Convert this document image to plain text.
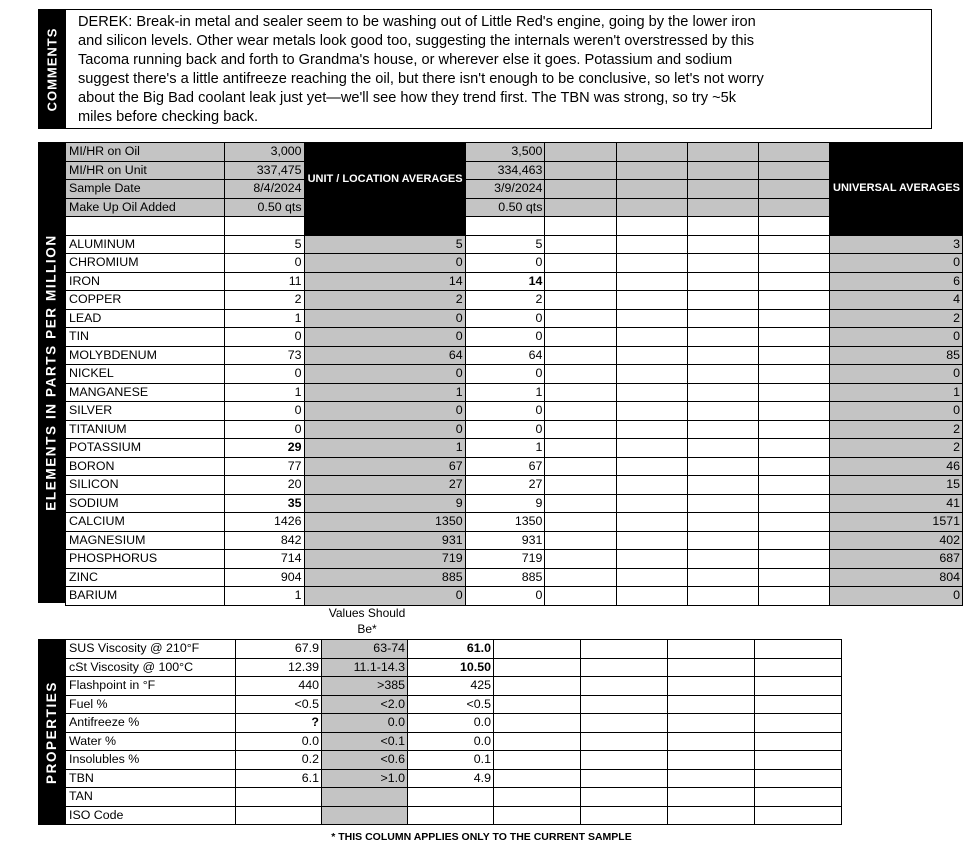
COMMENTS
DEREK: Break-in metal and sealer seem to be washing out of Little Red's engine, going by the lower iron
and silicon levels. Other wear metals look good too, suggesting the internals weren't overstressed by this
Tacoma running back and forth to Grandma's house, or wherever else it goes. Potassium and sodium
suggest there's a little antifreeze reaching the oil, but there isn't enough to be conclusive, so let's not worry
about the Big Bad coolant leak just yet—we'll see how they trend first. The TBN was strong, so try ~5k
miles before checking back.
ELEMENTS IN PARTS PER MILLION
MI/HR on Oil	3,000	UNIT / LOCATION AVERAGES	3,500					UNIVERSAL AVERAGES
MI/HR on Unit	337,475		334,463					
Sample Date	8/4/2024		3/9/2024					
Make Up Oil Added	0.50 qts		0.50 qts					

ALUMINUM	5	5	5					3
CHROMIUM	0	0	0					0
IRON	11	14	14					6
COPPER	2	2	2					4
LEAD	1	0	0					2
TIN	0	0	0					0
MOLYBDENUM	73	64	64					85
NICKEL	0	0	0					0
MANGANESE	1	1	1					1
SILVER	0	0	0					0
TITANIUM	0	0	0					2
POTASSIUM	29	1	1					2
BORON	77	67	67					46
SILICON	20	27	27					15
SODIUM	35	9	9					41
CALCIUM	1426	1350	1350					1571
MAGNESIUM	842	931	931					402
PHOSPHORUS	714	719	719					687
ZINC	904	885	885					804
BARIUM	1	0	0					0
Values Should Be*
PROPERTIES
SUS Viscosity @ 210°F	67.9	63-74	61.0				
cSt Viscosity @ 100°C	12.39	11.1-14.3	10.50				
Flashpoint in °F	440	>385	425				
Fuel %	<0.5	<2.0	<0.5				
Antifreeze %	?	0.0	0.0				
Water %	0.0	<0.1	0.0				
Insolubles %	0.2	<0.6	0.1				
TBN	6.1	>1.0	4.9				
TAN							
ISO Code							
* THIS COLUMN APPLIES ONLY TO THE CURRENT SAMPLE
